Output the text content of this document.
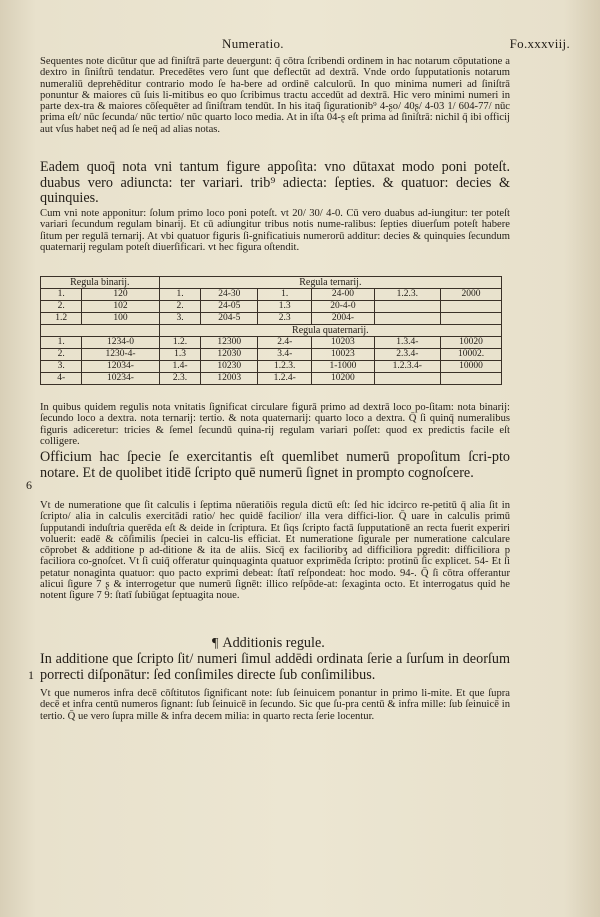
Numeratio.	Fo.xxxviij.

Sequentes note dicūtur que ad finiſtrā parte deuergunt: q̄ cōtra ſcribendi ordinem in hac notarum cōputatione a dextro in ſiniſtrū tendatur. Precedētes vero ſunt que deflectūt ad dextrā. Vnde ordo ſupputationis notarum numeraliū deprehēditur contrario modo ſe ha-bere ad ordinē calculorū. In quo minima numeri ad ſiniſtrā ponuntur & maiores cū ſuis li-mitibus eo quo ſcribimus tractu accedūt ad dextrā. Hic vero minimi numeri in parte dex-tra & maiores cōſequēter ad ſiniſtram tendūt. In his itaq̄ ſigurationib⁹ 4-ʂo/ 40ʂ/ 4-03 1/ 604-77/ nūc prima eſt/ nūc ſecunda/ nūc tertio/ nūc quarto loco media. At in iſta 04-ʂ eſt prima ad ſiniſtrā: nichil q̄ ibi officij aut vſus habet neq̄ ad ſe neq̄ ad alias notas.

Eadem quoq̄ nota vni tantum figure appoſita: vno dūtaxat modo poni poteſt. duabus vero adiuncta: ter variari. trib⁹ adiecta: ſepties. & quatuor: decies & quinquies.

Cum vni note apponitur: ſolum primo loco poni poteſt. vt 20/ 30/ 4-0. Cū vero duabus ad-iungitur: ter poteſt variari ſecundum regulam binarij. Et cū adiungitur tribus notis nume-ralibus: ſepties diuerſum poteſt habere ſitum per regulā ternarij. At vbi quatuor figuris ſi-gnificatiuis numerorū additur: decies & quinquies ſecundum quaternarij regulam poteſt diuerſificari. vt hec figura oſtendit.

Regula binarij.		Regula ternarij.					
1.	120	1.	24-30	1.	24-00	1.2.3.	2000
2.	102	2.	24-05	1.3	20-4-0		
1.2	100	3.	204-5	2.3	2004-		
		Regula quaternarij.					
1.	1234-0	1.2.	12300	2.4-	10203	1.3.4-	10020
2.	1230-4-	1.3	12030	3.4-	10023	2.3.4-	10002.
3.	12034-	1.4-	10230	1.2.3.	1-1000	1.2.3.4-	10000
4-	10234-	2.3.	12003	1.2.4-	10200		

In quibus quidem regulis nota vnitatis ſignificat circulare figurā primo ad dextrā loco po-ſitam: nota binarij: ſecundo loco a dextra. nota ternarij: tertio. & nota quaternarij: quarto loco a dextra. Q̄ ſi quinq̄ numeralibus figuris adiceretur: tricies & ſemel ſecundū quina-rij regulam variari poſſet: quod ex predictis facile eſt colligere.

6

Officium hac ſpecie ſe exercitantis eſt quemlibet numerū propoſitum ſcri-pto notare. Et de quolibet itidē ſcripto quē numerū ſignet in prompto cognoſcere.

Vt de numeratione que ſit calculis i ſeptima nūeratiōis regula dictū eſt: ſed hic idcirco re-petitū q̄ alia ſit in ſcripto/ alia in calculis exercitādi ratio/ hec quidē facilior/ illa vera diffici-lior. Q̄ uare in calculis primū ſupputandi induſtria querēda eſt & deide in ſcriptura. Et ſiqs ſcripto factā ſupputationē an recta fuerit experiri voluerit: eadē & cōſimilis ſpeciei in calcu-lis efficiat. Et numeratione ſigurale per numeratione calculare cōprobet & additione p ad-ditione & ita de aliis. Sicq̄ ex facilioribʒ ad difficiliora pgredit: difficiliora p faciliora co-gnoſcet. Vt ſi cuiq̄ offeratur quinquaginta quatuor exprimēda ſcripto: protinū ſic explicet. 54- Et ſi petatur nonaginta quatuor: quo pacto exprimi debeat: ſtatī reſpondeat: hoc modo. 94-. Q̄ ſi cōtra offerantur alicui ſigure 7 ʂ & interrogetur que numerū ſignēt: illico reſpōde-at: ſexaginta octo. Et interrogatus quid he notent ſigure 7 9: ſtatī ſubiūgat ſeptuagita noue.

¶ Additionis regule.
1

In additione que ſcripto ſit/ numeri ſimul addēdi ordinata ſerie a ſurſum in deorſum porrecti diſponātur: ſed conſimiles directe ſub conſimilibus.

Vt que numeros infra decē cōſtitutos ſignificant note: ſub ſeinuicem ponantur in primo li-mite. Et que ſupra decē et infra centū numeros ſignant: ſub ſeinuicē in ſecundo. Sic que ſu-pra centū & infra mille: ſub ſeinuicē in tertio. Q̄ ue vero ſupra mille & infra decem milia: in quarto recta ſerie locentur.
